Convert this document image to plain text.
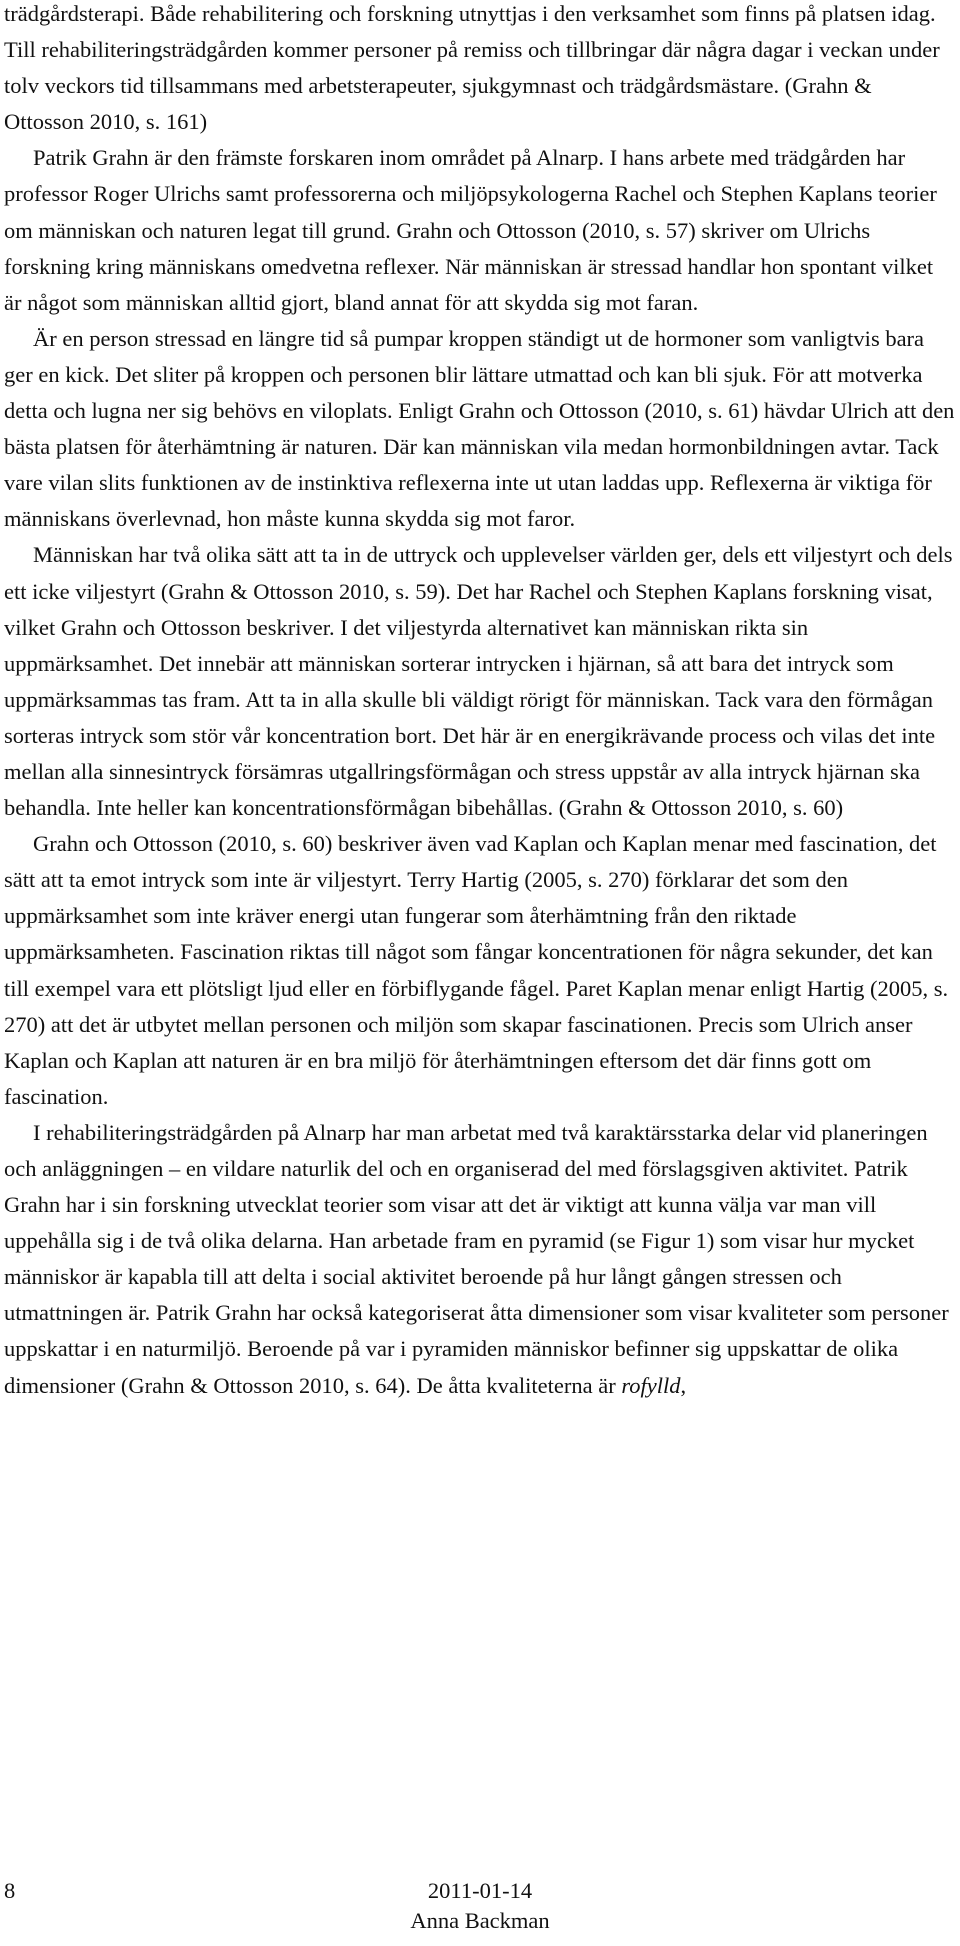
trädgårdsterapi. Både rehabilitering och forskning utnyttjas i den verksamhet som finns på platsen idag. Till rehabiliteringsträdgården kommer personer på remiss och tillbringar där några dagar i veckan under tolv veckors tid tillsammans med arbetsterapeuter, sjukgymnast och trädgårdsmästare. (Grahn & Ottosson 2010, s. 161)

Patrik Grahn är den främste forskaren inom området på Alnarp. I hans arbete med trädgården har professor Roger Ulrichs samt professorerna och miljöpsykologerna Rachel och Stephen Kaplans teorier om människan och naturen legat till grund. Grahn och Ottosson (2010, s. 57) skriver om Ulrichs forskning kring människans omedvetna reflexer. När människan är stressad handlar hon spontant vilket är något som människan alltid gjort, bland annat för att skydda sig mot faran.

Är en person stressad en längre tid så pumpar kroppen ständigt ut de hormoner som vanligtvis bara ger en kick. Det sliter på kroppen och personen blir lättare utmattad och kan bli sjuk. För att motverka detta och lugna ner sig behövs en viloplats. Enligt Grahn och Ottosson (2010, s. 61) hävdar Ulrich att den bästa platsen för återhämtning är naturen. Där kan människan vila medan hormonbildningen avtar. Tack vare vilan slits funktionen av de instinktiva reflexerna inte ut utan laddas upp. Reflexerna är viktiga för människans överlevnad, hon måste kunna skydda sig mot faror.

Människan har två olika sätt att ta in de uttryck och upplevelser världen ger, dels ett viljestyrt och dels ett icke viljestyrt (Grahn & Ottosson 2010, s. 59). Det har Rachel och Stephen Kaplans forskning visat, vilket Grahn och Ottosson beskriver. I det viljestyrda alternativet kan människan rikta sin uppmärksamhet. Det innebär att människan sorterar intrycken i hjärnan, så att bara det intryck som uppmärksammas tas fram. Att ta in alla skulle bli väldigt rörigt för människan. Tack vara den förmågan sorteras intryck som stör vår koncentration bort. Det här är en energikrävande process och vilas det inte mellan alla sinnesintryck försämras utgallringsförmågan och stress uppstår av alla intryck hjärnan ska behandla. Inte heller kan koncentrationsförmågan bibehållas. (Grahn & Ottosson 2010, s. 60)

Grahn och Ottosson (2010, s. 60) beskriver även vad Kaplan och Kaplan menar med fascination, det sätt att ta emot intryck som inte är viljestyrt. Terry Hartig (2005, s. 270) förklarar det som den uppmärksamhet som inte kräver energi utan fungerar som återhämtning från den riktade uppmärksamheten. Fascination riktas till något som fångar koncentrationen för några sekunder, det kan till exempel vara ett plötsligt ljud eller en förbiflygande fågel. Paret Kaplan menar enligt Hartig (2005, s. 270) att det är utbytet mellan personen och miljön som skapar fascinationen. Precis som Ulrich anser Kaplan och Kaplan att naturen är en bra miljö för återhämtningen eftersom det där finns gott om fascination.

I rehabiliteringsträdgården på Alnarp har man arbetat med två karaktärsstarka delar vid planeringen och anläggningen – en vildare naturlik del och en organiserad del med förslagsgiven aktivitet. Patrik Grahn har i sin forskning utvecklat teorier som visar att det är viktigt att kunna välja var man vill uppehålla sig i de två olika delarna. Han arbetade fram en pyramid (se Figur 1) som visar hur mycket människor är kapabla till att delta i social aktivitet beroende på hur långt gången stressen och utmattningen är. Patrik Grahn har också kategoriserat åtta dimensioner som visar kvaliteter som personer uppskattar i en naturmiljö. Beroende på var i pyramiden människor befinner sig uppskattar de olika dimensioner (Grahn & Ottosson 2010, s. 64). De åtta kvaliteterna är rofylld,

8	2011-01-14
Anna Backman
